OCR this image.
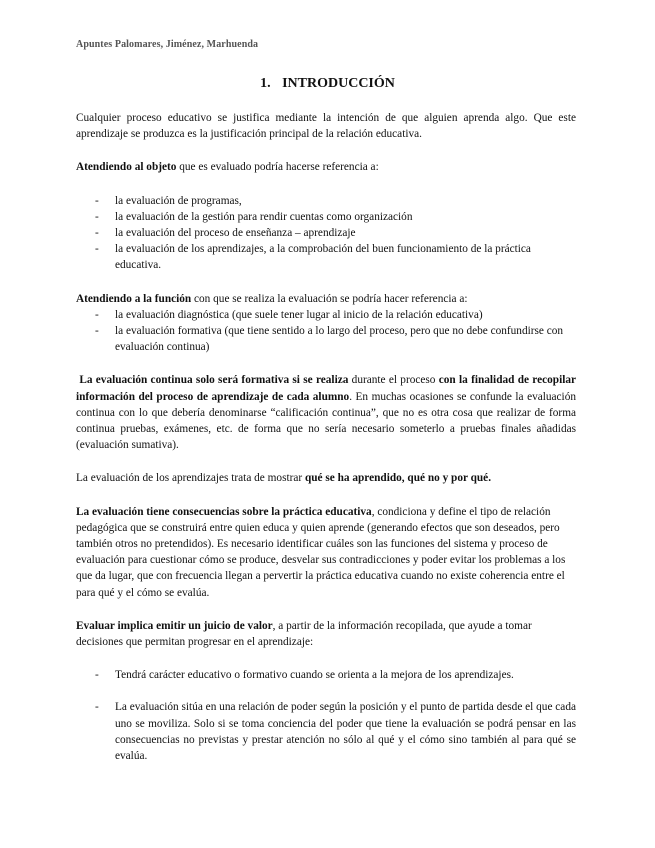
Apuntes Palomares, Jiménez, Marhuenda
1. INTRODUCCIÓN

Cualquier proceso educativo se justifica mediante la intención de que alguien aprenda algo. Que este aprendizaje se produzca es la justificación principal de la relación educativa.

Atendiendo al objeto que es evaluado podría hacerse referencia a:

- la evaluación de programas,
- la evaluación de la gestión para rendir cuentas como organización
- la evaluación del proceso de enseñanza – aprendizaje
- la evaluación de los aprendizajes, a la comprobación del buen funcionamiento de la práctica educativa.

Atendiendo a la función con que se realiza la evaluación se podría hacer referencia a:

- la evaluación diagnóstica (que suele tener lugar al inicio de la relación educativa)
- la evaluación formativa (que tiene sentido a lo largo del proceso, pero que no debe confundirse con evaluación continua)

La evaluación continua solo será formativa si se realiza durante el proceso con la finalidad de recopilar información del proceso de aprendizaje de cada alumno. En muchas ocasiones se confunde la evaluación continua con lo que debería denominarse “calificación continua”, que no es otra cosa que realizar de forma continua pruebas, exámenes, etc. de forma que no sería necesario someterlo a pruebas finales añadidas (evaluación sumativa).

La evaluación de los aprendizajes trata de mostrar qué se ha aprendido, qué no y por qué.

La evaluación tiene consecuencias sobre la práctica educativa, condiciona y define el tipo de relación pedagógica que se construirá entre quien educa y quien aprende (generando efectos que son deseados, pero también otros no pretendidos). Es necesario identificar cuáles son las funciones del sistema y proceso de evaluación para cuestionar cómo se produce, desvelar sus contradicciones y poder evitar los problemas a los que da lugar, que con frecuencia llegan a pervertir la práctica educativa cuando no existe coherencia entre el para qué y el cómo se evalúa.

Evaluar implica emitir un juicio de valor, a partir de la información recopilada, que ayude a tomar decisiones que permitan progresar en el aprendizaje:

- Tendrá carácter educativo o formativo cuando se orienta a la mejora de los aprendizajes.
- La evaluación sitúa en una relación de poder según la posición y el punto de partida desde el que cada uno se moviliza. Solo si se toma conciencia del poder que tiene la evaluación se podrá pensar en las consecuencias no previstas y prestar atención no sólo al qué y el cómo sino también al para qué se evalúa.
